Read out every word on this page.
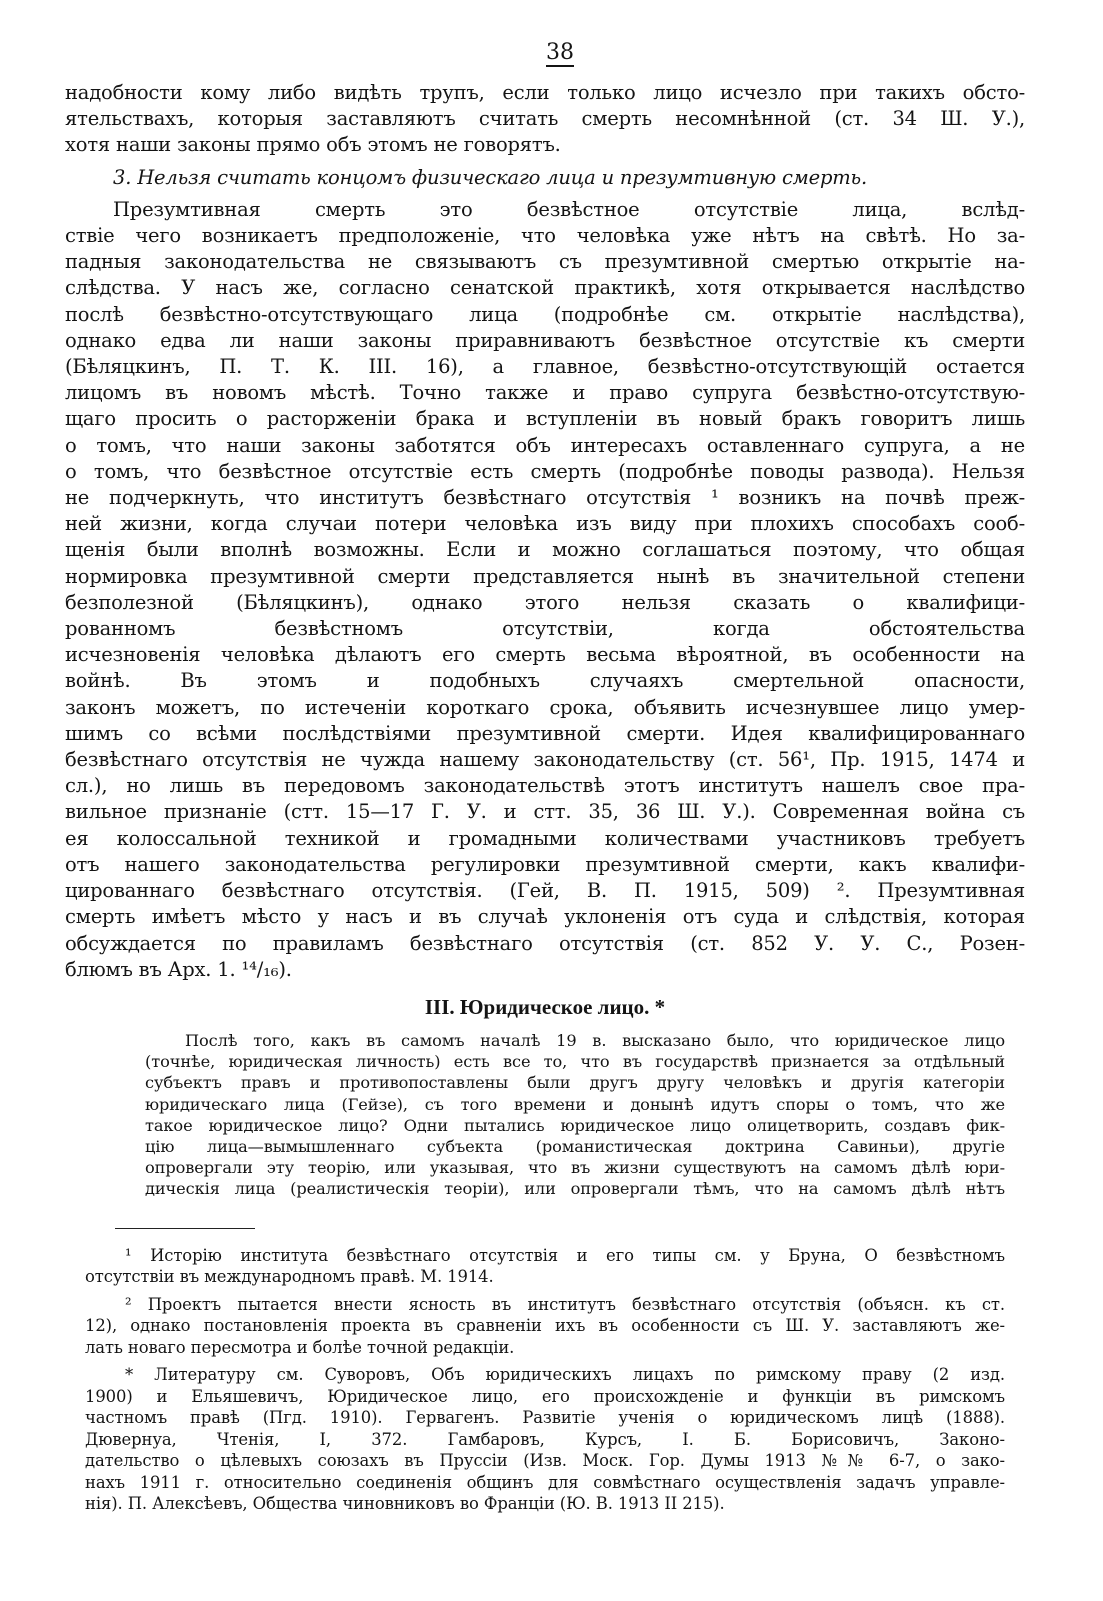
38
надобности кому либо видѣть трупъ, если только лицо исчезло при такихъ обсто-
ятельствахъ, которыя заставляютъ считать смерть несомнѣнной (ст. 34 Ш. У.),
хотя наши законы прямо объ этомъ не говорятъ.
3. Нельзя считать концомъ физическаго лица и презумтивную смерть.
Презумтивная смерть это безвѣстное отсутствіе лица, вслѣд-
ствіе чего возникаетъ предположеніе, что человѣка уже нѣтъ на свѣтѣ. Но за-
падныя законодательства не связываютъ съ презумтивной смертью открытіе на-
слѣдства. У насъ же, согласно сенатской практикѣ, хотя открывается наслѣдство
послѣ безвѣстно-отсутствующаго лица (подробнѣе см. открытіе наслѣдства),
однако едва ли наши законы приравниваютъ безвѣстное отсутствіе къ смерти
(Бѣляцкинъ, П. Т. К. III. 16), а главное, безвѣстно-отсутствующій остается
лицомъ въ новомъ мѣстѣ. Точно также и право супруга безвѣстно-отсутствую-
щаго просить о расторженіи брака и вступленіи въ новый бракъ говоритъ лишь
о томъ, что наши законы заботятся объ интересахъ оставленнаго супруга, а не
о томъ, что безвѣстное отсутствіе есть смерть (подробнѣе поводы развода). Нельзя
не подчеркнуть, что институтъ безвѣстнаго отсутствія ¹ возникъ на почвѣ преж-
ней жизни, когда случаи потери человѣка изъ виду при плохихъ способахъ сооб-
щенія были вполнѣ возможны. Если и можно соглашаться поэтому, что общая
нормировка презумтивной смерти представляется нынѣ въ значительной степени
безполезной (Бѣляцкинъ), однако этого нельзя сказать о квалифици-
рованномъ безвѣстномъ отсутствіи, когда обстоятельства
исчезновенія человѣка дѣлаютъ его смерть весьма вѣроятной, въ особенности на
войнѣ. Въ этомъ и подобныхъ случаяхъ смертельной опасности,
законъ можетъ, по истеченіи короткаго срока, объявить исчезнувшее лицо умер-
шимъ со всѣми послѣдствіями презумтивной смерти. Идея квалифицированнаго
безвѣстнаго отсутствія не чужда нашему законодательству (ст. 56¹, Пр. 1915, 1474 и
сл.), но лишь въ передовомъ законодательствѣ этотъ институтъ нашелъ свое пра-
вильное признаніе (стт. 15—17 Г. У. и стт. 35, 36 Ш. У.). Современная война съ
ея колоссальной техникой и громадными количествами участниковъ требуетъ
отъ нашего законодательства регулировки презумтивной смерти, какъ квалифи-
цированнаго безвѣстнаго отсутствія. (Гей, В. П. 1915, 509) ². Презумтивная
смерть имѣетъ мѣсто у насъ и въ случаѣ уклоненія отъ суда и слѣдствія, которая
обсуждается по правиламъ безвѣстнаго отсутствія (ст. 852 У. У. С., Розен-
блюмъ въ Арх. 1. ¹⁴/₁₆).
III. Юридическое лицо. *
Послѣ того, какъ въ самомъ началѣ 19 в. высказано было, что юридическое лицо
(точнѣе, юридическая личность) есть все то, что въ государствѣ признается за отдѣльный
субъектъ правъ и противопоставлены были другъ другу человѣкъ и другія категоріи
юридическаго лица (Гейзе), съ того времени и донынѣ идутъ споры о томъ, что же
такое юридическое лицо? Одни пытались юридическое лицо олицетворить, создавъ фик-
цію лица—вымышленнаго субъекта (романистическая доктрина Савиньи), другіе
опровергали эту теорію, или указывая, что въ жизни существуютъ на самомъ дѣлѣ юри-
дическія лица (реалистическія теоріи), или опровергали тѣмъ, что на самомъ дѣлѣ нѣтъ
¹ Исторію института безвѣстнаго отсутствія и его типы см. у Бруна, О безвѣстномъ
отсутствіи въ международномъ правѣ. М. 1914.
² Проектъ пытается внести ясность въ институтъ безвѣстнаго отсутствія (объясн. къ ст.
12), однако постановленія проекта въ сравненіи ихъ въ особенности съ Ш. У. заставляютъ же-
лать новаго пересмотра и болѣе точной редакціи.
* Литературу см. Суворовъ, Объ юридическихъ лицахъ по римскому праву (2 изд.
1900) и Ельяшевичъ, Юридическое лицо, его происхожденіе и функціи въ римскомъ
частномъ правѣ (Пгд. 1910). Гервагенъ. Развитіе ученія о юридическомъ лицѣ (1888).
Дювернуа, Чтенія, I, 372. Гамбаровъ, Курсъ, I. Б. Борисовичъ, Законо-
дательство о цѣлевыхъ союзахъ въ Пруссіи (Изв. Моск. Гор. Думы 1913 №№ 6-7, о зако-
нахъ 1911 г. относительно соединенія общинъ для совмѣстнаго осуществленія задачъ управле-
нія). П. Алексѣевъ, Общества чиновниковъ во Франціи (Ю. В. 1913 II 215).
